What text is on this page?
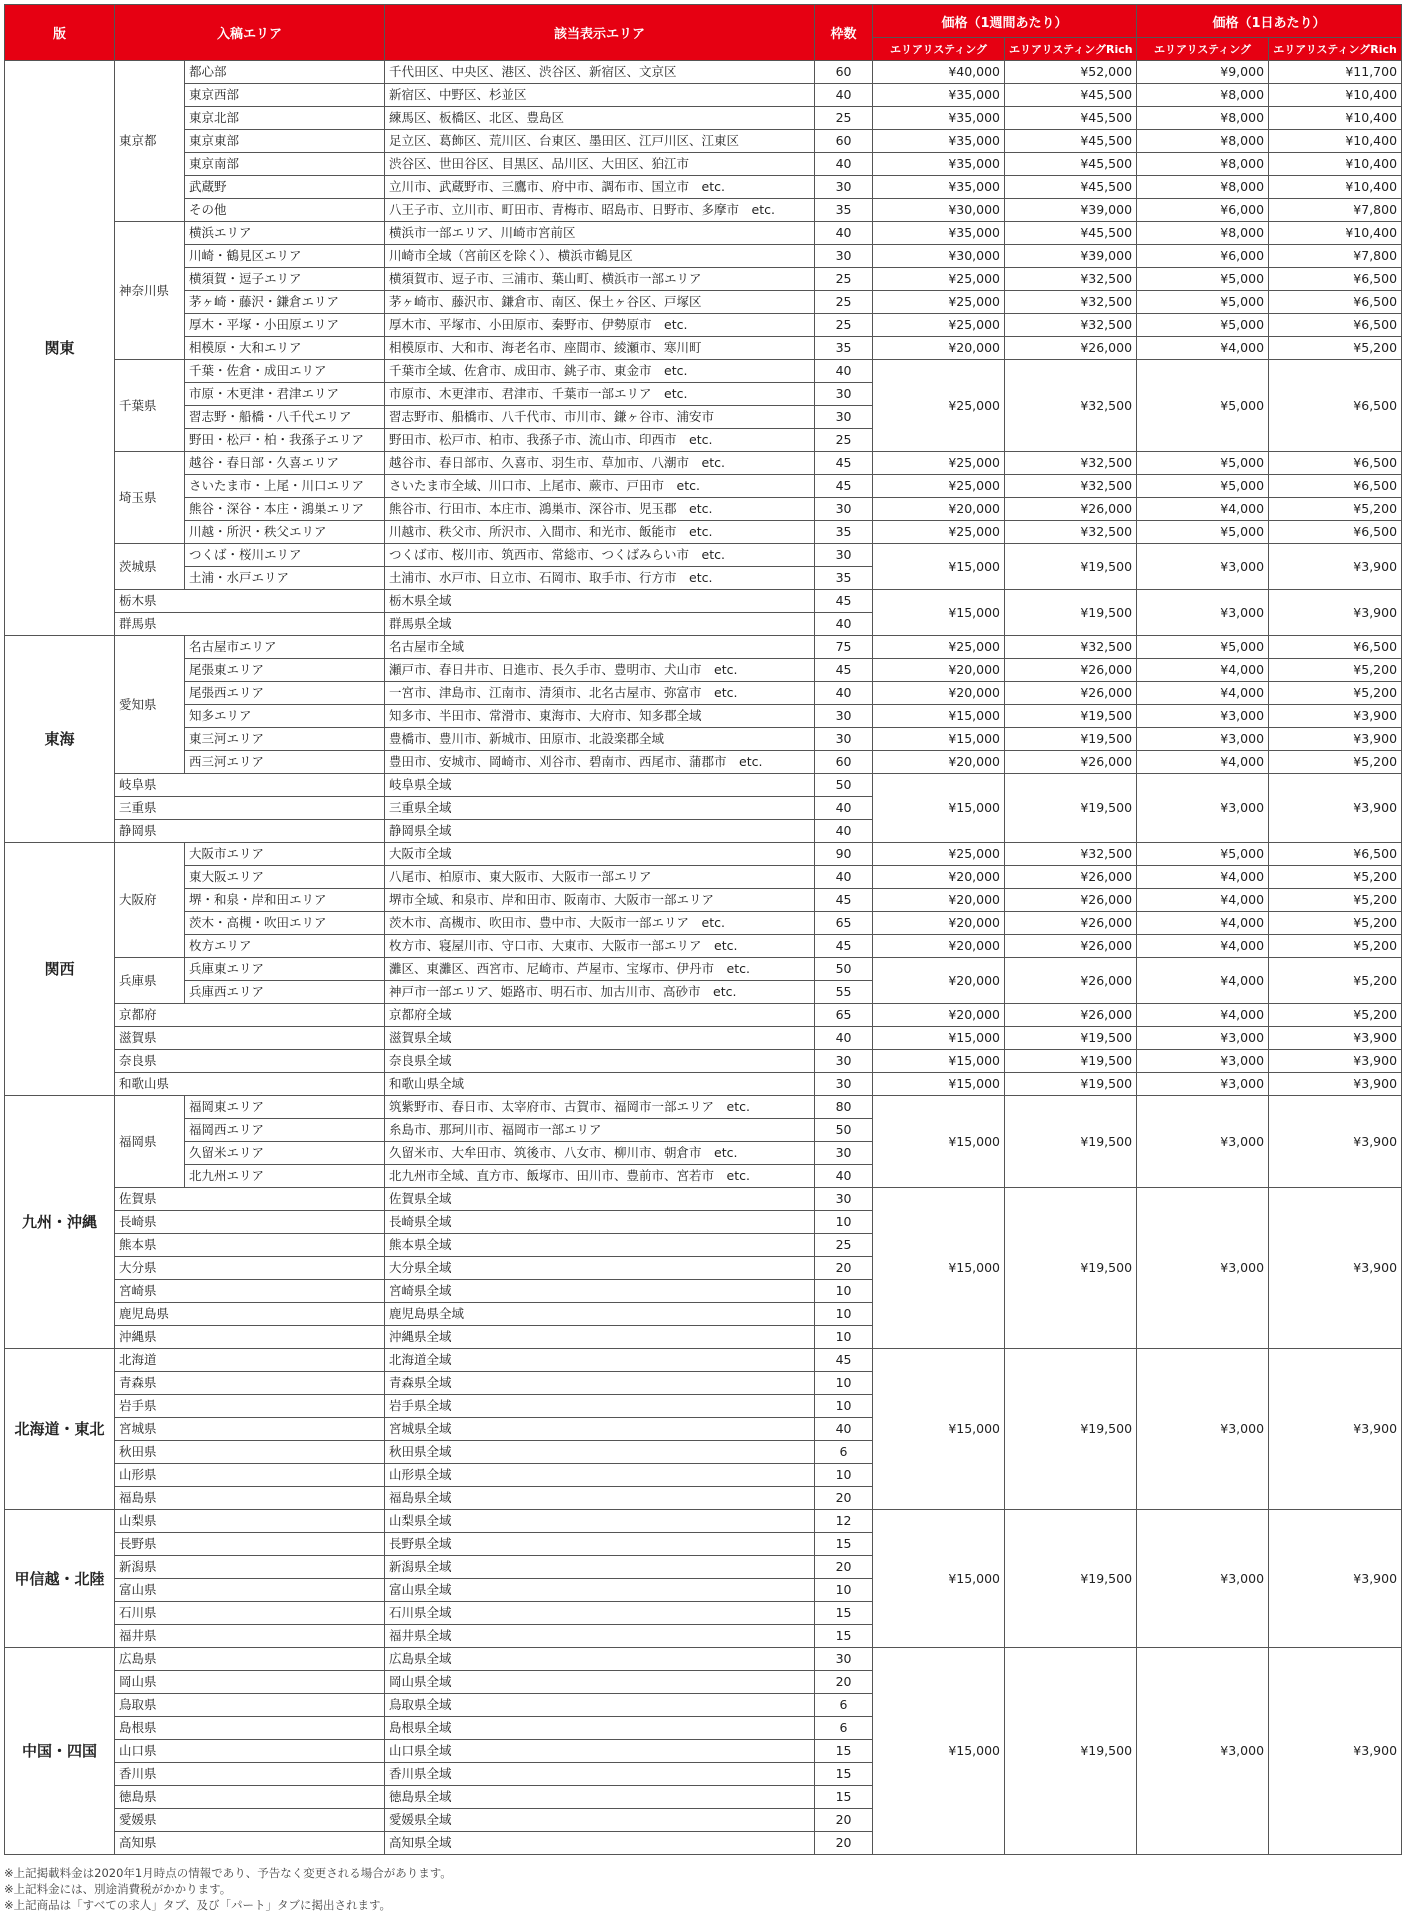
版	入稿エリア		該当表示エリア	枠数	価格（1週間あたり）		価格（1日あたり）	
					エリアリスティング	エリアリスティングRich	エリアリスティング	エリアリスティングRich
関東	東京都	都心部	千代田区、中央区、港区、渋谷区、新宿区、文京区	60	¥40,000	¥52,000	¥9,000	¥11,700
		東京西部	新宿区、中野区、杉並区	40	¥35,000	¥45,500	¥8,000	¥10,400
		東京北部	練馬区、板橋区、北区、豊島区	25	¥35,000	¥45,500	¥8,000	¥10,400
		東京東部	足立区、葛飾区、荒川区、台東区、墨田区、江戸川区、江東区	60	¥35,000	¥45,500	¥8,000	¥10,400
		東京南部	渋谷区、世田谷区、目黒区、品川区、大田区、狛江市	40	¥35,000	¥45,500	¥8,000	¥10,400
		武蔵野	立川市、武蔵野市、三鷹市、府中市、調布市、国立市　etc.	30	¥35,000	¥45,500	¥8,000	¥10,400
		その他	八王子市、立川市、町田市、青梅市、昭島市、日野市、多摩市　etc.	35	¥30,000	¥39,000	¥6,000	¥7,800
	神奈川県	横浜エリア	横浜市一部エリア、川崎市宮前区	40	¥35,000	¥45,500	¥8,000	¥10,400
		川崎・鶴見区エリア	川崎市全域（宮前区を除く）、横浜市鶴見区	30	¥30,000	¥39,000	¥6,000	¥7,800
		横須賀・逗子エリア	横須賀市、逗子市、三浦市、葉山町、横浜市一部エリア	25	¥25,000	¥32,500	¥5,000	¥6,500
		茅ヶ崎・藤沢・鎌倉エリア	茅ヶ崎市、藤沢市、鎌倉市、南区、保土ヶ谷区、戸塚区	25	¥25,000	¥32,500	¥5,000	¥6,500
		厚木・平塚・小田原エリア	厚木市、平塚市、小田原市、秦野市、伊勢原市　etc.	25	¥25,000	¥32,500	¥5,000	¥6,500
		相模原・大和エリア	相模原市、大和市、海老名市、座間市、綾瀬市、寒川町	35	¥20,000	¥26,000	¥4,000	¥5,200
	千葉県	千葉・佐倉・成田エリア	千葉市全域、佐倉市、成田市、銚子市、東金市　etc.	40	¥25,000	¥32,500	¥5,000	¥6,500
		市原・木更津・君津エリア	市原市、木更津市、君津市、千葉市一部エリア　etc.	30				
		習志野・船橋・八千代エリア	習志野市、船橋市、八千代市、市川市、鎌ヶ谷市、浦安市	30				
		野田・松戸・柏・我孫子エリア	野田市、松戸市、柏市、我孫子市、流山市、印西市　etc.	25				
	埼玉県	越谷・春日部・久喜エリア	越谷市、春日部市、久喜市、羽生市、草加市、八潮市　etc.	45	¥25,000	¥32,500	¥5,000	¥6,500
		さいたま市・上尾・川口エリア	さいたま市全域、川口市、上尾市、蕨市、戸田市　etc.	45	¥25,000	¥32,500	¥5,000	¥6,500
		熊谷・深谷・本庄・鴻巣エリア	熊谷市、行田市、本庄市、鴻巣市、深谷市、児玉郡　etc.	30	¥20,000	¥26,000	¥4,000	¥5,200
		川越・所沢・秩父エリア	川越市、秩父市、所沢市、入間市、和光市、飯能市　etc.	35	¥25,000	¥32,500	¥5,000	¥6,500
	茨城県	つくば・桜川エリア	つくば市、桜川市、筑西市、常総市、つくばみらい市　etc.	30	¥15,000	¥19,500	¥3,000	¥3,900
		土浦・水戸エリア	土浦市、水戸市、日立市、石岡市、取手市、行方市　etc.	35				
	栃木県		栃木県全域	45	¥15,000	¥19,500	¥3,000	¥3,900
	群馬県		群馬県全域	40				
東海	愛知県	名古屋市エリア	名古屋市全域	75	¥25,000	¥32,500	¥5,000	¥6,500
		尾張東エリア	瀬戸市、春日井市、日進市、長久手市、豊明市、犬山市　etc.	45	¥20,000	¥26,000	¥4,000	¥5,200
		尾張西エリア	一宮市、津島市、江南市、清須市、北名古屋市、弥富市　etc.	40	¥20,000	¥26,000	¥4,000	¥5,200
		知多エリア	知多市、半田市、常滑市、東海市、大府市、知多郡全域	30	¥15,000	¥19,500	¥3,000	¥3,900
		東三河エリア	豊橋市、豊川市、新城市、田原市、北設楽郡全域	30	¥15,000	¥19,500	¥3,000	¥3,900
		西三河エリア	豊田市、安城市、岡崎市、刈谷市、碧南市、西尾市、蒲郡市　etc.	60	¥20,000	¥26,000	¥4,000	¥5,200
	岐阜県		岐阜県全域	50	¥15,000	¥19,500	¥3,000	¥3,900
	三重県		三重県全域	40				
	静岡県		静岡県全域	40				
関西	大阪府	大阪市エリア	大阪市全域	90	¥25,000	¥32,500	¥5,000	¥6,500
		東大阪エリア	八尾市、柏原市、東大阪市、大阪市一部エリア	40	¥20,000	¥26,000	¥4,000	¥5,200
		堺・和泉・岸和田エリア	堺市全域、和泉市、岸和田市、阪南市、大阪市一部エリア	45	¥20,000	¥26,000	¥4,000	¥5,200
		茨木・高槻・吹田エリア	茨木市、高槻市、吹田市、豊中市、大阪市一部エリア　etc.	65	¥20,000	¥26,000	¥4,000	¥5,200
		枚方エリア	枚方市、寝屋川市、守口市、大東市、大阪市一部エリア　etc.	45	¥20,000	¥26,000	¥4,000	¥5,200
	兵庫県	兵庫東エリア	灘区、東灘区、西宮市、尼崎市、芦屋市、宝塚市、伊丹市　etc.	50	¥20,000	¥26,000	¥4,000	¥5,200
		兵庫西エリア	神戸市一部エリア、姫路市、明石市、加古川市、高砂市　etc.	55				
	京都府		京都府全域	65	¥20,000	¥26,000	¥4,000	¥5,200
	滋賀県		滋賀県全域	40	¥15,000	¥19,500	¥3,000	¥3,900
	奈良県		奈良県全域	30	¥15,000	¥19,500	¥3,000	¥3,900
	和歌山県		和歌山県全域	30	¥15,000	¥19,500	¥3,000	¥3,900
九州・沖縄	福岡県	福岡東エリア	筑紫野市、春日市、太宰府市、古賀市、福岡市一部エリア　etc.	80	¥15,000	¥19,500	¥3,000	¥3,900
		福岡西エリア	糸島市、那珂川市、福岡市一部エリア	50				
		久留米エリア	久留米市、大牟田市、筑後市、八女市、柳川市、朝倉市　etc.	30				
		北九州エリア	北九州市全域、直方市、飯塚市、田川市、豊前市、宮若市　etc.	40				
	佐賀県		佐賀県全域	30	¥15,000	¥19,500	¥3,000	¥3,900
	長崎県		長崎県全域	10				
	熊本県		熊本県全域	25				
	大分県		大分県全域	20				
	宮崎県		宮崎県全域	10				
	鹿児島県		鹿児島県全域	10				
	沖縄県		沖縄県全域	10				
北海道・東北	北海道		北海道全域	45	¥15,000	¥19,500	¥3,000	¥3,900
	青森県		青森県全域	10				
	岩手県		岩手県全域	10				
	宮城県		宮城県全域	40				
	秋田県		秋田県全域	6				
	山形県		山形県全域	10				
	福島県		福島県全域	20				
甲信越・北陸	山梨県		山梨県全域	12	¥15,000	¥19,500	¥3,000	¥3,900
	長野県		長野県全域	15				
	新潟県		新潟県全域	20				
	富山県		富山県全域	10				
	石川県		石川県全域	15				
	福井県		福井県全域	15				
中国・四国	広島県		広島県全域	30	¥15,000	¥19,500	¥3,000	¥3,900
	岡山県		岡山県全域	20				
	鳥取県		鳥取県全域	6				
	島根県		島根県全域	6				
	山口県		山口県全域	15				
	香川県		香川県全域	15				
	徳島県		徳島県全域	15				
	愛媛県		愛媛県全域	20				
	高知県		高知県全域	20				
※上記掲載料金は2020年1月時点の情報であり、予告なく変更される場合があります。
※上記料金には、別途消費税がかかります。
※上記商品は「すべての求人」タブ、及び「パート」タブに掲出されます。
